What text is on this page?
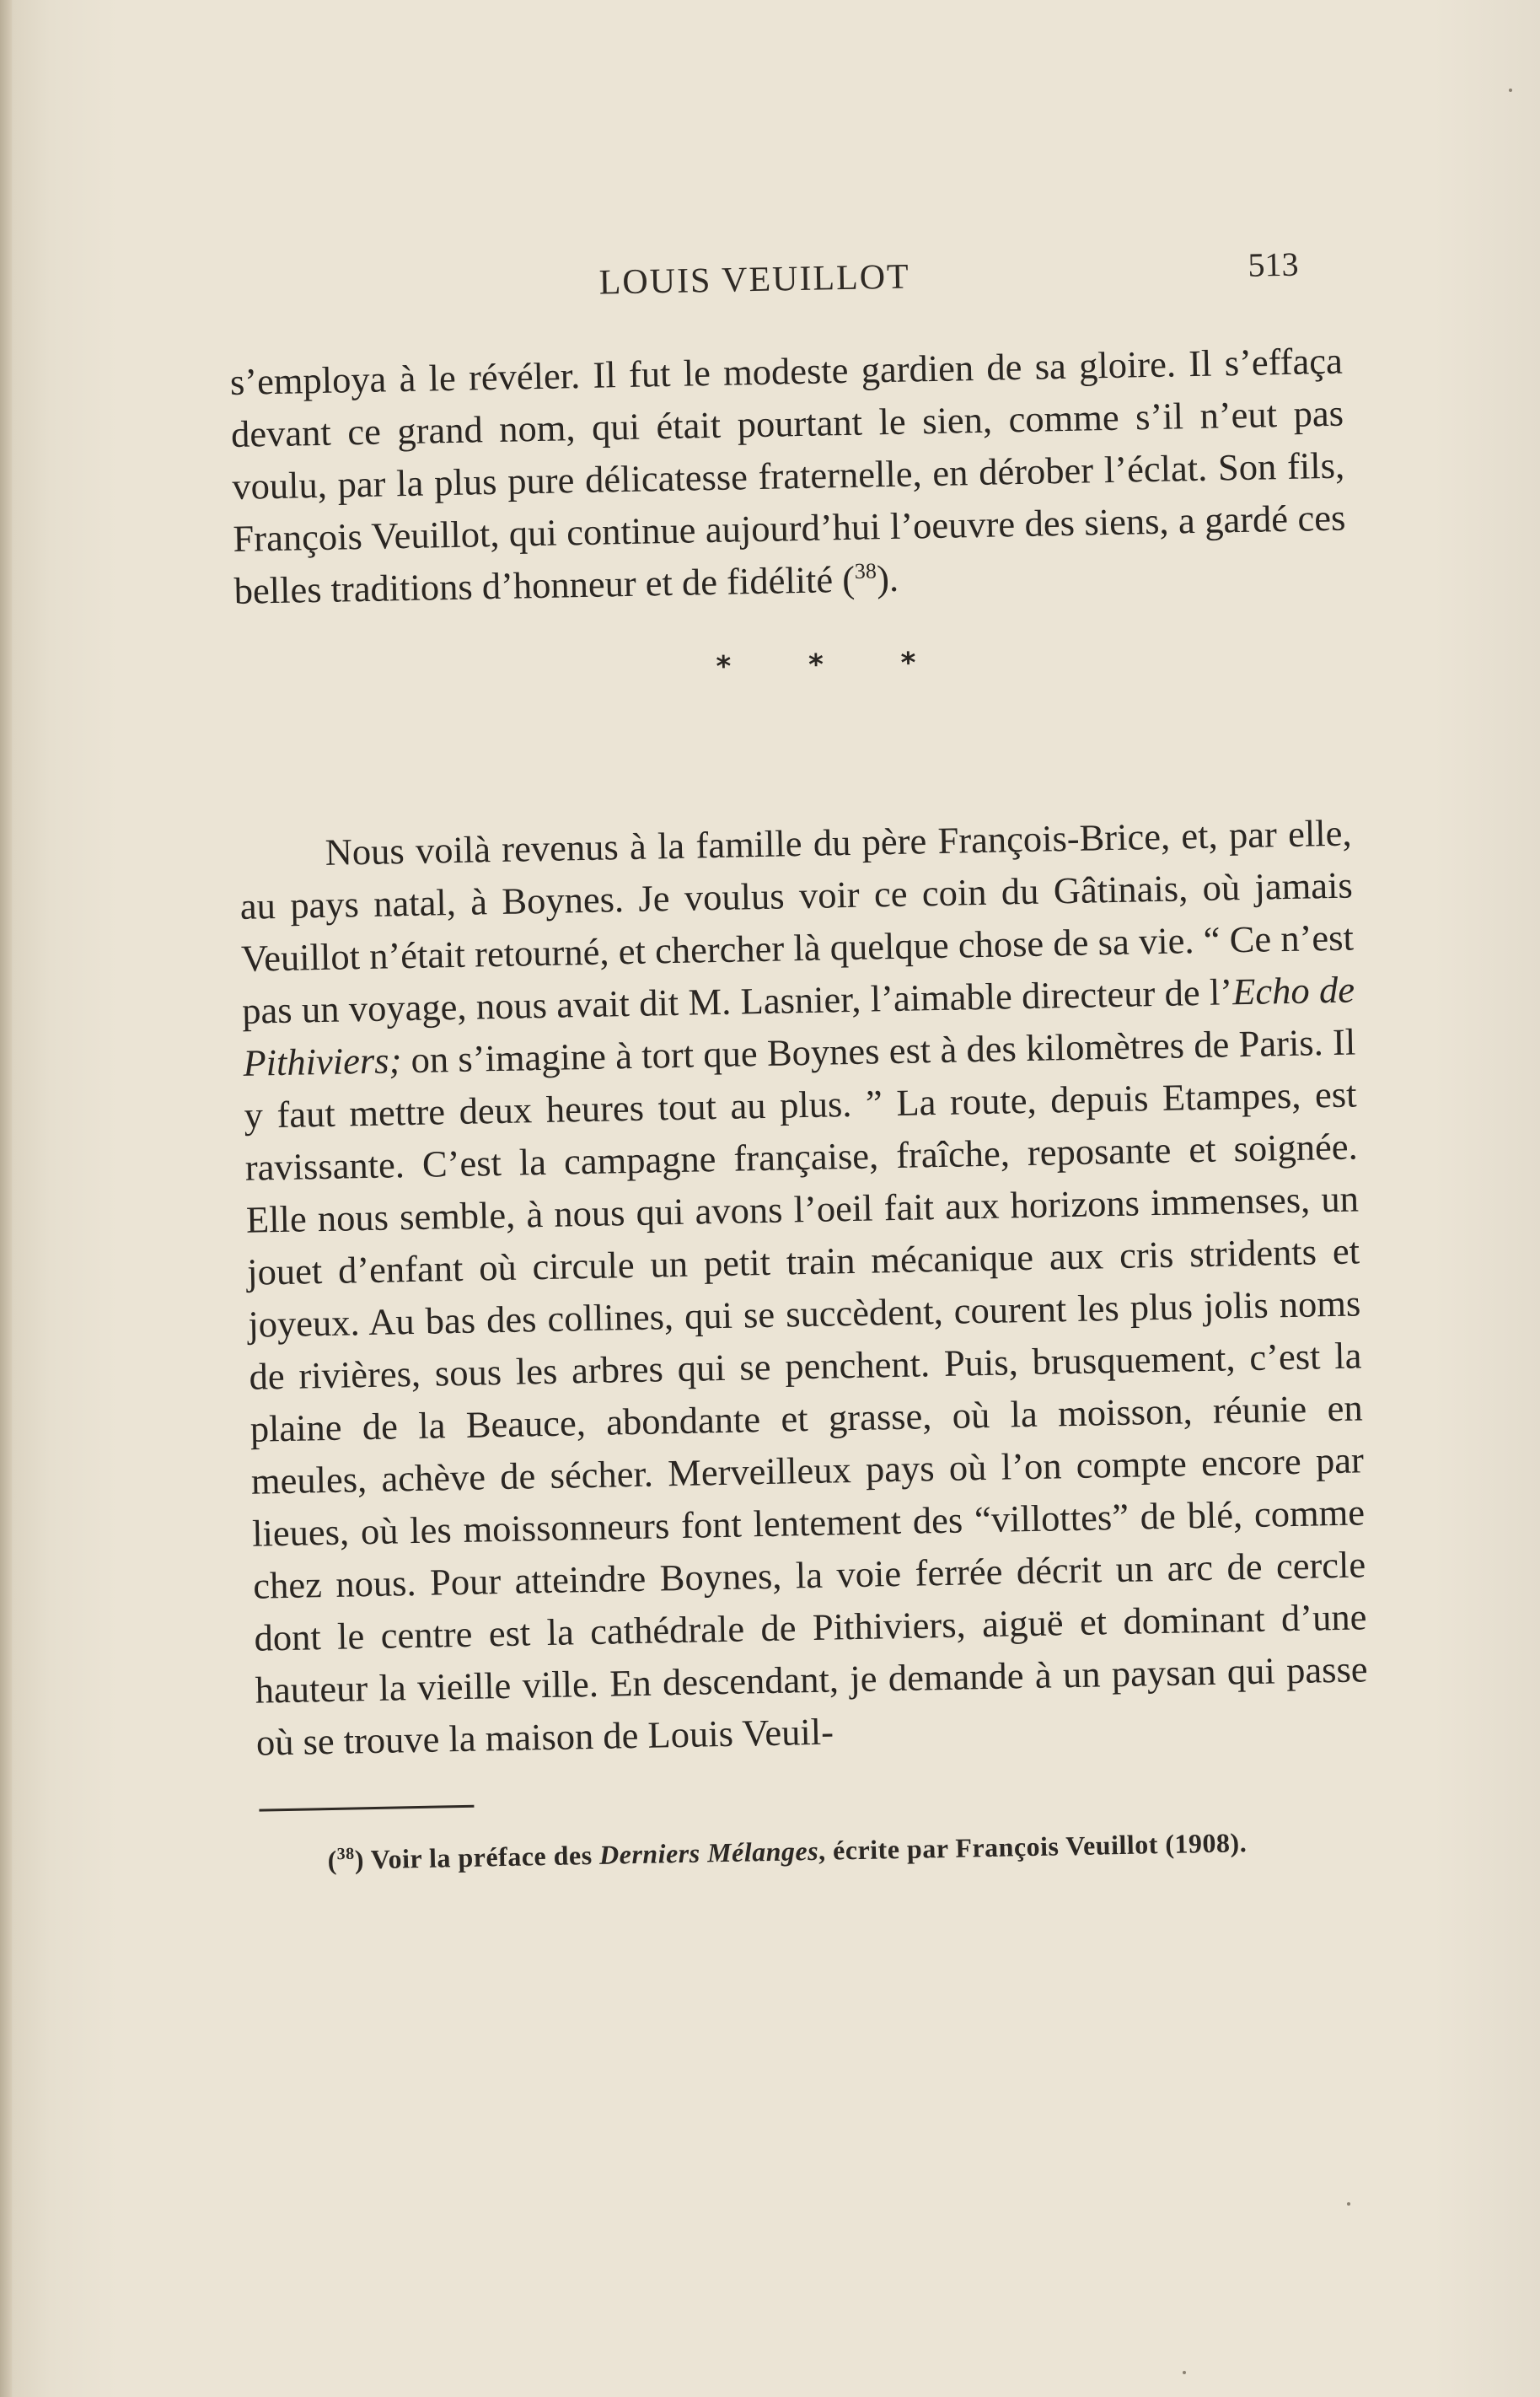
LOUIS VEUILLOT	513

s’employa à le révéler. Il fut le modeste gardien de sa gloire. Il s’effaça devant ce grand nom, qui était pourtant le sien, comme s’il n’eut pas voulu, par la plus pure délicatesse fraternelle, en dérober l’éclat. Son fils, François Veuillot, qui continue aujourd’hui l’oeuvre des siens, a gardé ces belles traditions d’honneur et de fidélité ($^{38}$).

* * *

Nous voilà revenus à la famille du père François-Brice, et, par elle, au pays natal, à Boynes. Je voulus voir ce coin du Gâtinais, où jamais Veuillot n’était retourné, et chercher là quelque chose de sa vie. “ Ce n’est pas un voyage, nous avait dit M. Lasnier, l’aimable directeur de l’Echo de Pithiviers; on s’imagine à tort que Boynes est à des kilomètres de Paris. Il y faut mettre deux heures tout au plus. ” La route, depuis Etampes, est ravissante. C’est la campagne française, fraîche, reposante et soignée. Elle nous semble, à nous qui avons l’oeil fait aux horizons immenses, un jouet d’enfant où circule un petit train mécanique aux cris stridents et joyeux. Au bas des collines, qui se succèdent, courent les plus jolis noms de rivières, sous les arbres qui se penchent. Puis, brusquement, c’est la plaine de la Beauce, abondante et grasse, où la moisson, réunie en meules, achève de sécher. Merveilleux pays où l’on compte encore par lieues, où les moissonneurs font lentement des “villottes” de blé, comme chez nous. Pour atteindre Boynes, la voie ferrée décrit un arc de cercle dont le centre est la cathédrale de Pithiviers, aiguë et dominant d’une hauteur la vieille ville. En descendant, je demande à un paysan qui passe où se trouve la maison de Louis Veuil-

($^{38}$) Voir la préface des Derniers Mélanges, écrite par François Veuillot (1908).
